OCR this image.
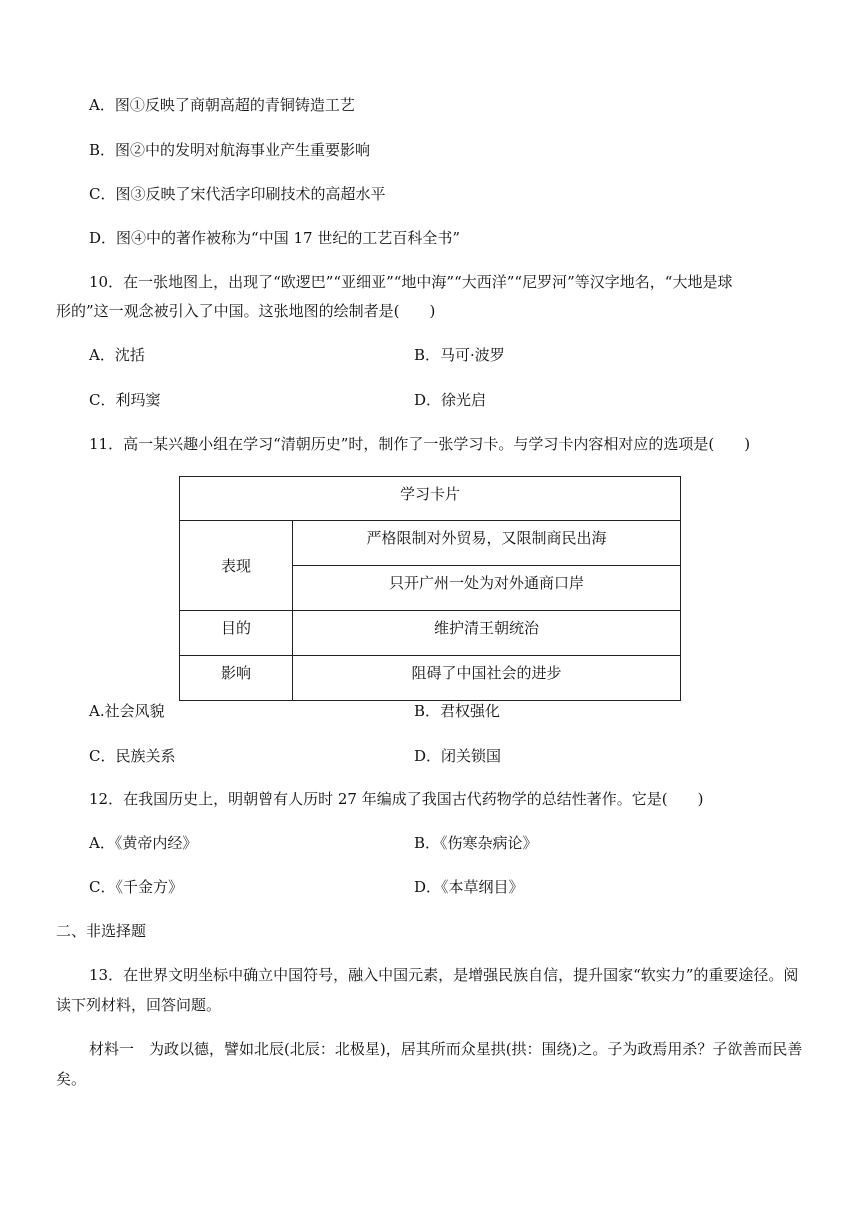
A．图①反映了商朝高超的青铜铸造工艺
B．图②中的发明对航海事业产生重要影响
C．图③反映了宋代活字印刷技术的高超水平
D．图④中的著作被称为“中国 17 世纪的工艺百科全书”
10．在一张地图上，出现了“欧逻巴”“亚细亚”“地中海”“大西洋”“尼罗河”等汉字地名，“大地是球
形的”这一观念被引入了中国。这张地图的绘制者是(　　)
A．沈括	B．马可·波罗
C．利玛窦	D．徐光启
11．高一某兴趣小组在学习“清朝历史”时，制作了一张学习卡。与学习卡内容相对应的选项是(　　)
学习卡片	
表现	严格限制对外贸易，又限制商民出海
	只开广州一处为对外通商口岸
目的	维护清王朝统治
影响	阻碍了中国社会的进步
A.社会风貌	B．君权强化
C．民族关系	D．闭关锁国
12．在我国历史上，明朝曾有人历时 27 年编成了我国古代药物学的总结性著作。它是(　　)
A．《黄帝内经》	B．《伤寒杂病论》
C．《千金方》	D．《本草纲目》
二、非选择题
13．在世界文明坐标中确立中国符号，融入中国元素，是增强民族自信，提升国家“软实力”的重要途径。阅
读下列材料，回答问题。
材料一　为政以德，譬如北辰(北辰：北极星)，居其所而众星拱(拱：围绕)之。子为政焉用杀？子欲善而民善
矣。
